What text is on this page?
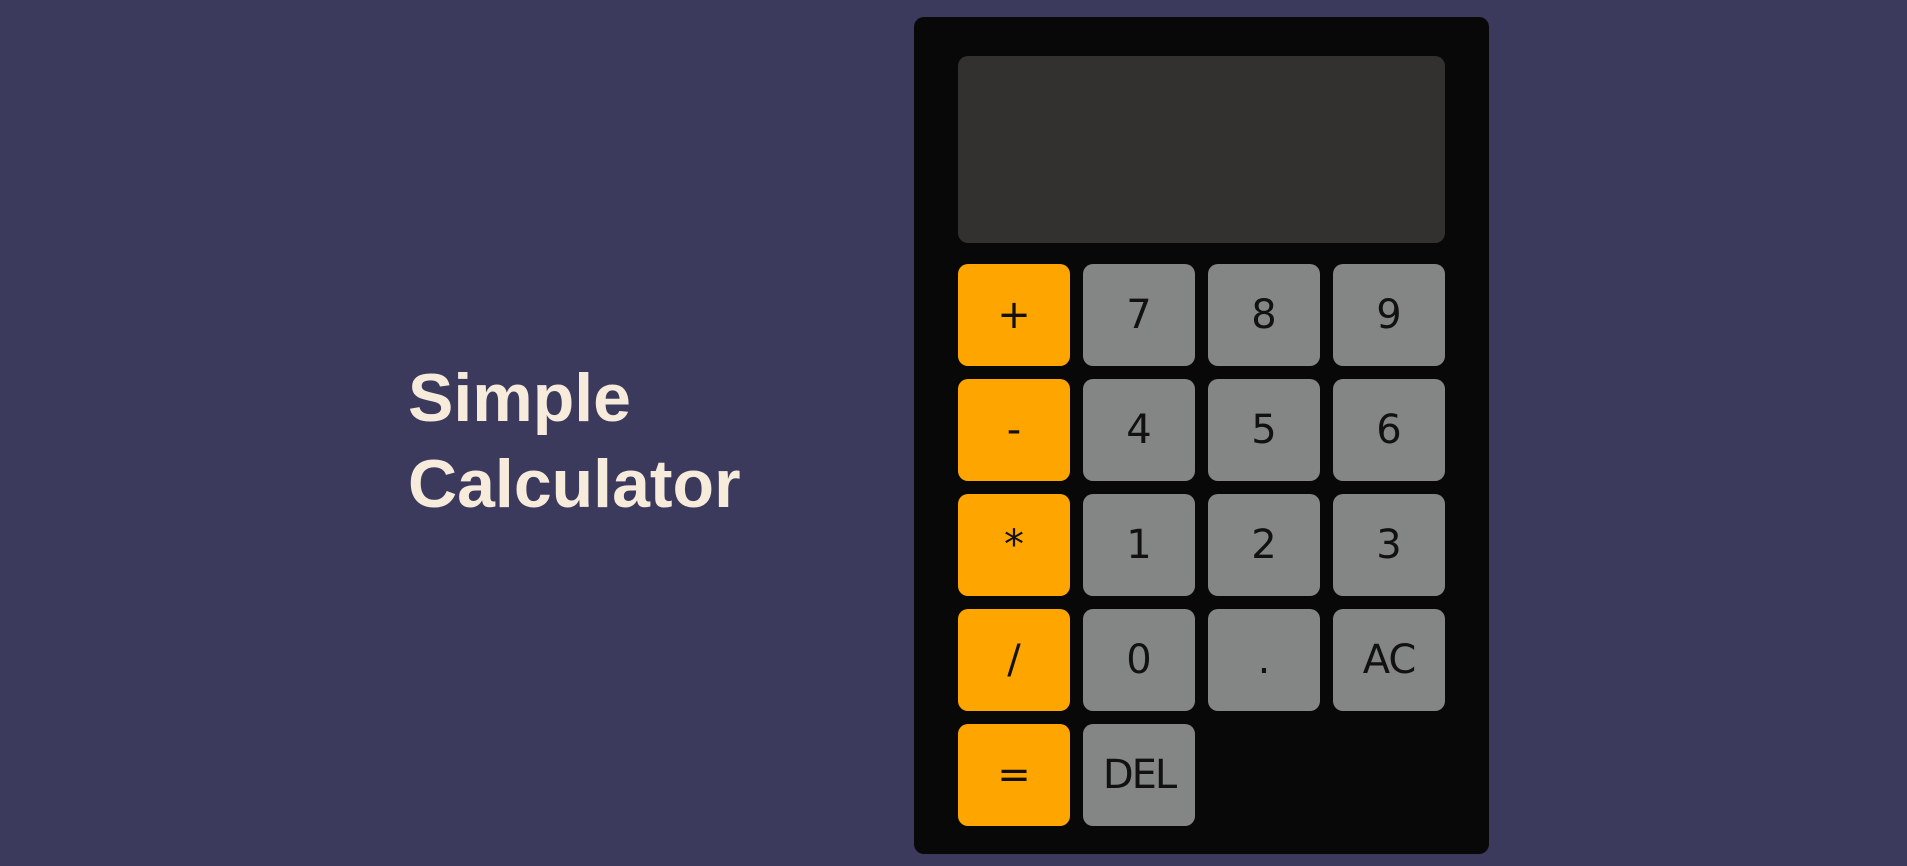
Simple
Calculator
+	7	8	9
-	4	5	6
*	1	2	3
/	0	.	AC
=	DEL
